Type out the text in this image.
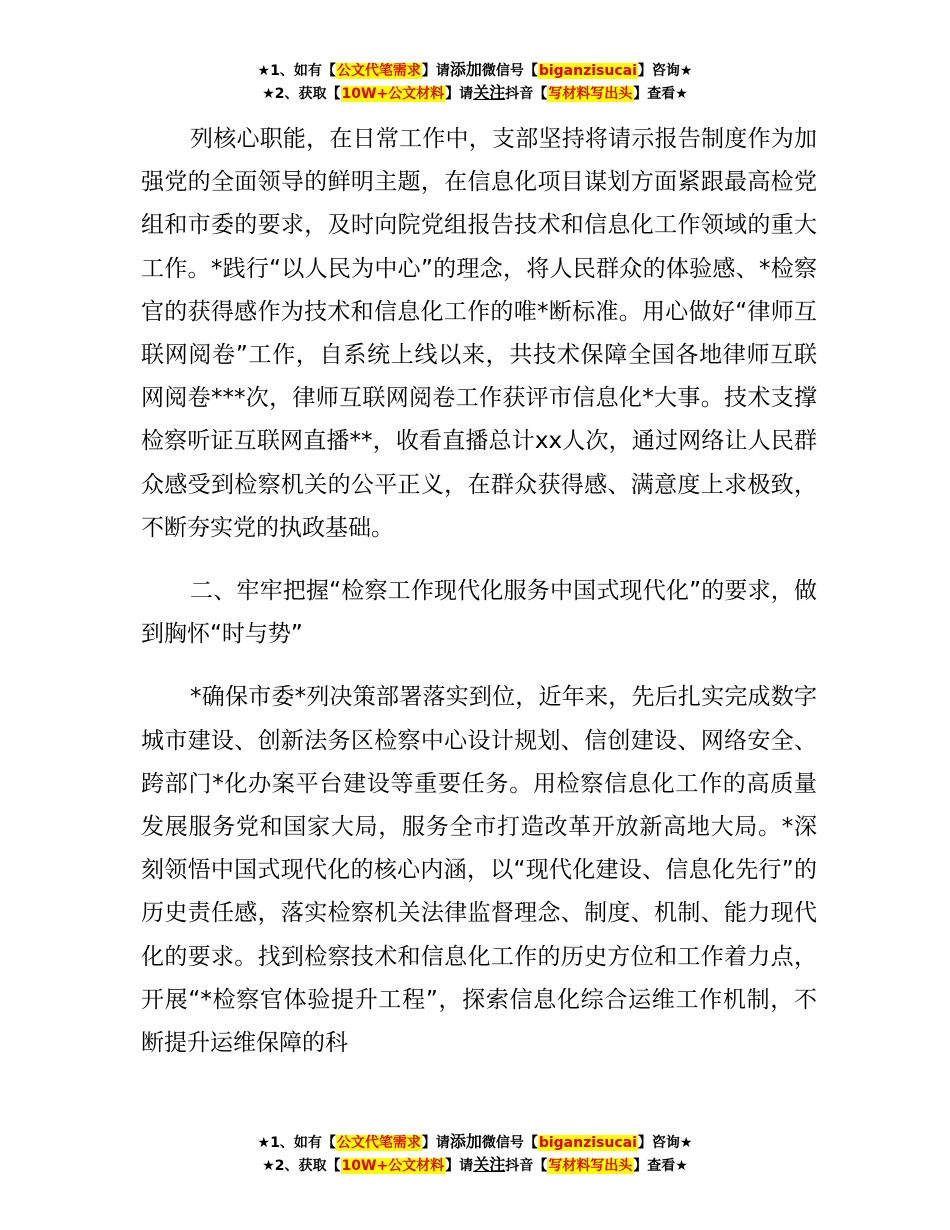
★1、如有【公文代笔需求】请添加微信号【biganzisucai】咨询★
★2、获取【10W+公文材料】请关注抖音【写材料写出头】查看★

列核心职能，在日常工作中，支部坚持将请示报告制度作为加强党的全面领导的鲜明主题，在信息化项目谋划方面紧跟最高检党组和市委的要求，及时向院党组报告技术和信息化工作领域的重大工作。*践行“以人民为中心”的理念，将人民群众的体验感、*检察官的获得感作为技术和信息化工作的唯*断标准。用心做好“律师互联网阅卷”工作，自系统上线以来，共技术保障全国各地律师互联网阅卷***次，律师互联网阅卷工作获评市信息化*大事。技术支撑检察听证互联网直播**，收看直播总计xx人次，通过网络让人民群众感受到检察机关的公平正义，在群众获得感、满意度上求极致，不断夯实党的执政基础。

二、牢牢把握“检察工作现代化服务中国式现代化”的要求，做到胸怀“时与势”

*确保市委*列决策部署落实到位，近年来，先后扎实完成数字城市建设、创新法务区检察中心设计规划、信创建设、网络安全、跨部门*化办案平台建设等重要任务。用检察信息化工作的高质量发展服务党和国家大局，服务全市打造改革开放新高地大局。*深刻领悟中国式现代化的核心内涵，以“现代化建设、信息化先行”的历史责任感，落实检察机关法律监督理念、制度、机制、能力现代化的要求。找到检察技术和信息化工作的历史方位和工作着力点，开展“*检察官体验提升工程”，探索信息化综合运维工作机制，不断提升运维保障的科

★1、如有【公文代笔需求】请添加微信号【biganzisucai】咨询★
★2、获取【10W+公文材料】请关注抖音【写材料写出头】查看★
